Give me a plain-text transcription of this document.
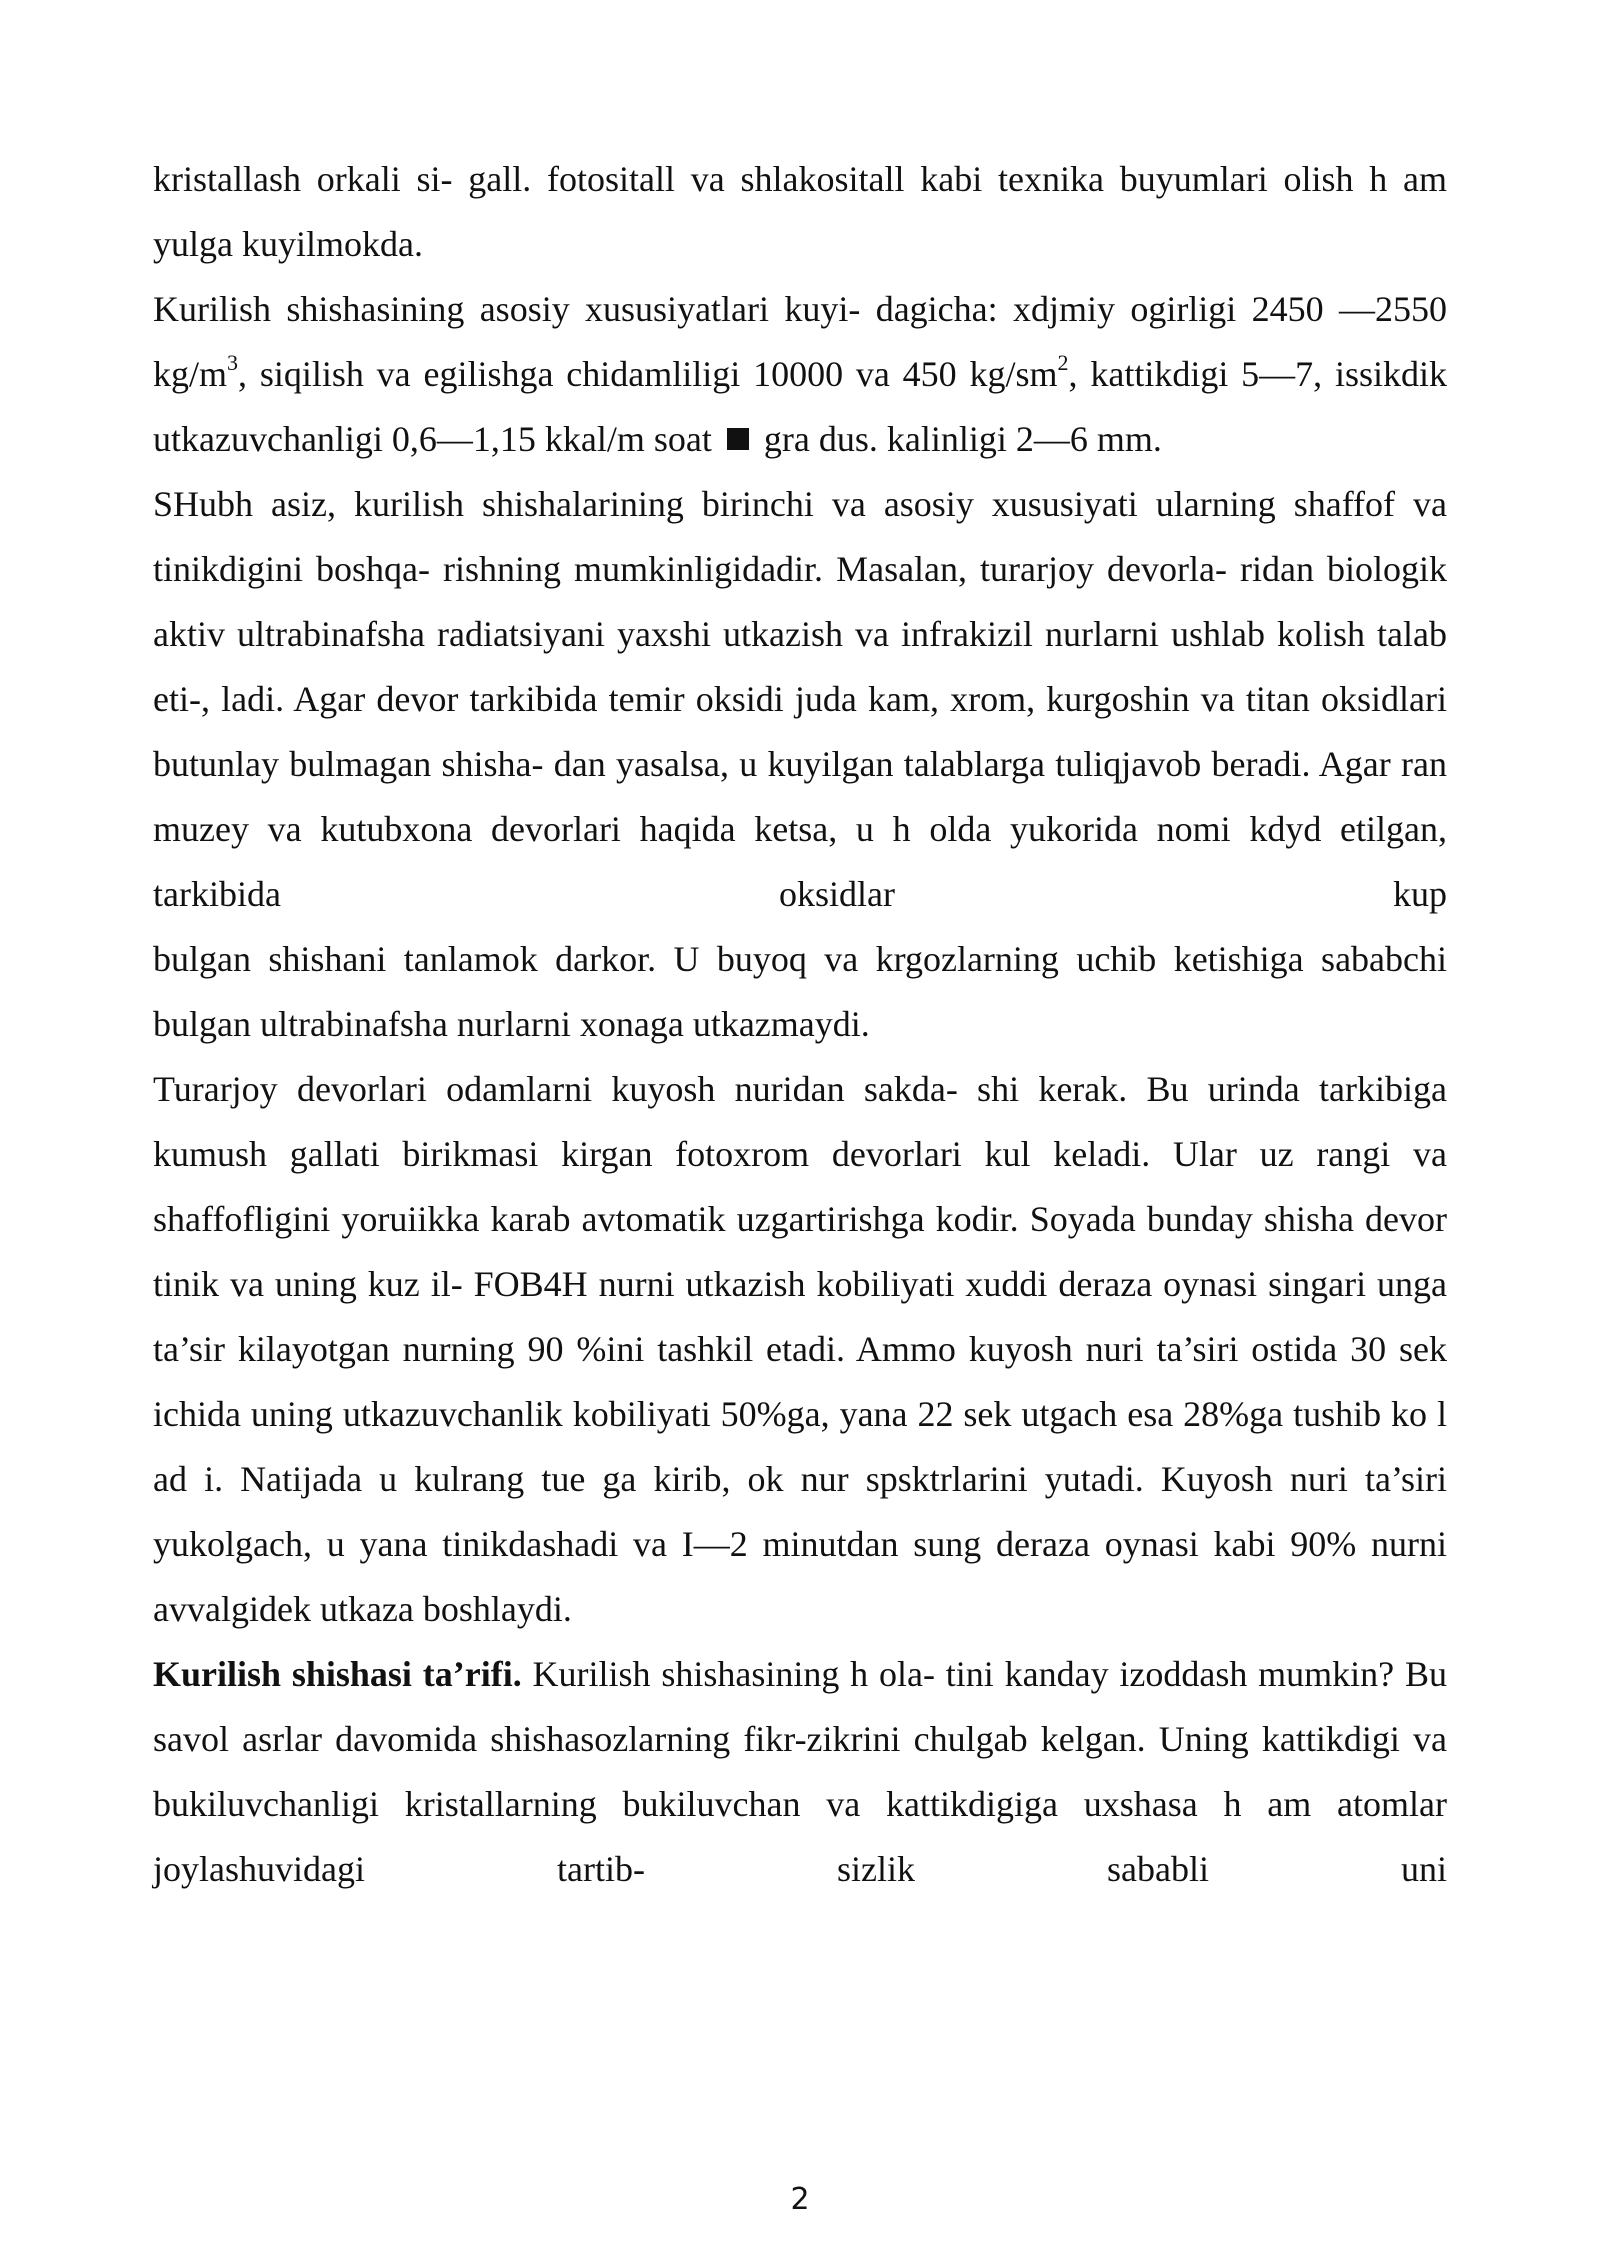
kristallash orkali si- gall. fotositall va shlakositall kabi texnika buyumlari olish h am yulga kuyilmokda.

Kurilish shishasining asosiy xususiyatlari kuyi- dagicha: xdjmiy ogirligi 2450 —2550 $kg/m^3$, siqilish va egilishga chidamliligi 10000 va 450 $kg/sm^2$, kattikdigi 5—7, issikdik utkazuvchanligi 0,6—1,15 kkal/m soat gra dus. kalinligi 2—6 mm.

SHubh asiz, kurilish shishalarining birinchi va asosiy xususiyati ularning shaffof va tinikdigini boshqa- rishning mumkinligidadir. Masalan, turarjoy devorla- ridan biologik aktiv ultrabinafsha radiatsiyani yaxshi utkazish va infrakizil nurlarni ushlab kolish talab eti-, ladi. Agar devor tarkibida temir oksidi juda kam, xrom, kurgoshin va titan oksidlari butunlay bulmagan shisha- dan yasalsa, u kuyilgan talablarga tuliqjavob beradi. Agar ran muzey va kutubxona devorlari haqida ketsa, u h olda yukorida nomi kdyd etilgan, tarkibida oksidlar kup

bulgan shishani tanlamok darkor. U buyoq va krgozlarning uchib ketishiga sababchi bulgan ultrabinafsha nurlarni xonaga utkazmaydi.

Turarjoy devorlari odamlarni kuyosh nuridan sakda- shi kerak. Bu urinda tarkibiga kumush gallati birikmasi kirgan fotoxrom devorlari kul keladi. Ular uz rangi va shaffofligini yoruiikka karab avtomatik uzgartirishga kodir. Soyada bunday shisha devor tinik va uning kuz il- FOB4H nurni utkazish kobiliyati xuddi deraza oynasi singari unga ta’sir kilayotgan nurning 90 %ini tashkil etadi. Ammo kuyosh nuri ta’siri ostida 30 sek ichida uning utkazuvchanlik kobiliyati 50%ga, yana 22 sek utgach esa 28%ga tushib ko l ad i. Natijada u kulrang tue ga kirib, ok nur spsktrlarini yutadi. Kuyosh nuri ta’siri yukolgach, u yana tinikdashadi va I—2 minutdan sung deraza oynasi kabi 90% nurni avvalgidek utkaza boshlaydi.

Kurilish shishasi ta’rifi. Kurilish shishasining h ola- tini kanday izoddash mumkin? Bu savol asrlar davomida shishasozlarning fikr-zikrini chulgab kelgan. Uning kattikdigi va bukiluvchanligi kristallarning bukiluvchan va kattikdigiga uxshasa h am atomlar joylashuvidagi tartib- sizlik sababli uni

2
